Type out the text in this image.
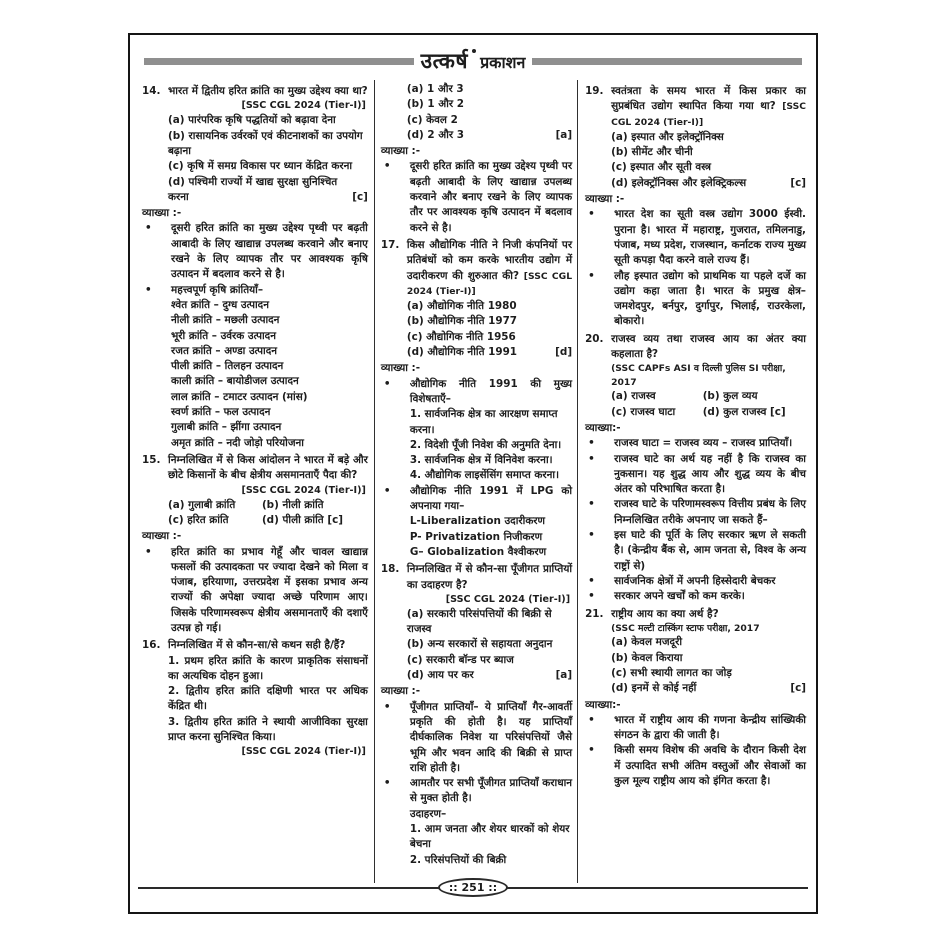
उत्कर्ष प्रकाशन
14. भारत में द्वितीय हरित क्रांति का मुख्य उद्देश्य क्या था?
[SSC CGL 2024 (Tier-I)]
(a) पारंपरिक कृषि पद्धतियों को बढ़ावा देना
(b) रासायनिक उर्वरकों एवं कीटनाशकों का उपयोग बढ़ाना
(c) कृषि में समग्र विकास पर ध्यान केंद्रित करना
(d) पश्चिमी राज्यों में खाद्य सुरक्षा सुनिश्चित करना	[c]
व्याख्या :-
•	दूसरी हरित क्रांति का मुख्य उद्देश्य पृथ्वी पर बढ़ती आबादी के लिए खाद्यान्न उपलब्ध करवाने और बनाए रखने के लिए व्यापक तौर पर आवश्यक कृषि उत्पादन में बदलाव करने से है।
•	महत्त्वपूर्ण कृषि क्रांतियाँ–
श्वेत क्रांति – दुग्ध उत्पादन
नीली क्रांति – मछली उत्पादन
भूरी क्रांति – उर्वरक उत्पादन
रजत क्रांति – अण्डा उत्पादन
पीली क्रांति – तिलहन उत्पादन
काली क्रांति – बायोडीजल उत्पादन
लाल क्रांति – टमाटर उत्पादन (मांस)
स्वर्ण क्रांति – फल उत्पादन
गुलाबी क्रांति – झींगा उत्पादन
अमृत क्रांति – नदी जोड़ो परियोजना
15. निम्नलिखित में से किस आंदोलन ने भारत में बड़े और छोटे किसानों के बीच क्षेत्रीय असमानताएँ पैदा की?
[SSC CGL 2024 (Tier-I)]
(a) गुलाबी क्रांति	(b) नीली क्रांति
(c) हरित क्रांति	(d) पीली क्रांति [c]
व्याख्या :-
•	हरित क्रांति का प्रभाव गेहूँ और चावल खाद्यान्न फसलों की उत्पादकता पर ज्यादा देखने को मिला व पंजाब, हरियाणा, उत्तरप्रदेश में इसका प्रभाव अन्य राज्यों की अपेक्षा ज्यादा अच्छे परिणाम आए। जिसके परिणामस्वरूप क्षेत्रीय असमानताएँ की दशाएँ उत्पन्न हो गई।
16. निम्नलिखित में से कौन-सा/से कथन सही है/हैं?
1. प्रथम हरित क्रांति के कारण प्राकृतिक संसाधनों का अत्यधिक दोहन हुआ।
2. द्वितीय हरित क्रांति दक्षिणी भारत पर अधिक केंद्रित थी।
3. द्वितीय हरित क्रांति ने स्थायी आजीविका सुरक्षा प्राप्त करना सुनिश्चित किया।
[SSC CGL 2024 (Tier-I)]
(a) 1 और 3
(b) 1 और 2
(c) केवल 2
(d) 2 और 3	[a]
व्याख्या :-
•	दूसरी हरित क्रांति का मुख्य उद्देश्य पृथ्वी पर बढ़ती आबादी के लिए खाद्यान्न उपलब्ध करवाने और बनाए रखने के लिए व्यापक तौर पर आवश्यक कृषि उत्पादन में बदलाव करने से है।
17. किस औद्योगिक नीति ने निजी कंपनियों पर प्रतिबंधों को कम करके भारतीय उद्योग में उदारीकरण की शुरुआत की? [SSC CGL 2024 (Tier-I)]
(a) औद्योगिक नीति 1980
(b) औद्योगिक नीति 1977
(c) औद्योगिक नीति 1956
(d) औद्योगिक नीति 1991	[d]
व्याख्या :-
•	औद्योगिक नीति 1991 की मुख्य विशेषताएँ–
1. सार्वजनिक क्षेत्र का आरक्षण समाप्त करना।
2. विदेशी पूँजी निवेश की अनुमति देना।
3. सार्वजनिक क्षेत्र में विनिवेश करना।
4. औद्योगिक लाइसेंसिंग समाप्त करना।
•	औद्योगिक नीति 1991 में LPG को अपनाया गया–
L-Liberalization उदारीकरण
P- Privatization निजीकरण
G– Globalization वैश्वीकरण
18. निम्नलिखित में से कौन-सा पूँजीगत प्राप्तियों का उदाहरण है?
[SSC CGL 2024 (Tier-I)]
(a) सरकारी परिसंपत्तियों की बिक्री से राजस्व
(b) अन्य सरकारों से सहायता अनुदान
(c) सरकारी बॉन्ड पर ब्याज
(d) आय पर कर	[a]
व्याख्या :-
•	पूँजीगत प्राप्तियाँ– ये प्राप्तियाँ गैर-आवर्ती प्रकृति की होती है। यह प्राप्तियाँ दीर्घकालिक निवेश या परिसंपत्तियों जैसे भूमि और भवन आदि की बिक्री से प्राप्त राशि होती है।
•	आमतौर पर सभी पूँजीगत प्राप्तियाँ कराधान से मुक्त होती है।
उदाहरण–
1. आम जनता और शेयर धारकों को शेयर बेचना
2. परिसंपत्तियों की बिक्री
19. स्वतंत्रता के समय भारत में किस प्रकार का सुप्रबंधित उद्योग स्थापित किया गया था? [SSC CGL 2024 (Tier-I)]
(a) इस्पात और इलेक्ट्रॉनिक्स
(b) सीमेंट और चीनी
(c) इस्पात और सूती वस्त्र
(d) इलेक्ट्रॉनिक्स और इलेक्ट्रिकल्स	[c]
व्याख्या :-
•	भारत देश का सूती वस्त्र उद्योग 3000 ईस्वी. पुराना है। भारत में महाराष्ट्र, गुजरात, तमिलनाडु, पंजाब, मध्य प्रदेश, राजस्थान, कर्नाटक राज्य मुख्य सूती कपड़ा पैदा करने वाले राज्य हैं।
•	लौह इस्पात उद्योग को प्राथमिक या पहले दर्जे का उद्योग कहा जाता है। भारत के प्रमुख क्षेत्र– जमशेदपुर, बर्नपुर, दुर्गापुर, भिलाई, राउरकेला, बोकारो।
20. राजस्व व्यय तथा राजस्व आय का अंतर क्या कहलाता है?
(SSC CAPFs ASI व दिल्ली पुलिस SI परीक्षा, 2017
(a) राजस्व	(b) कुल व्यय
(c) राजस्व घाटा	(d) कुल राजस्व [c]
व्याख्या:-
•	राजस्व घाटा = राजस्व व्यय – राजस्व प्राप्तियाँ।
•	राजस्व घाटे का अर्थ यह नहीं है कि राजस्व का नुकसान। यह शुद्ध आय और शुद्ध व्यय के बीच अंतर को परिभाषित करता है।
•	राजस्व घाटे के परिणामस्वरूप वित्तीय प्रबंध के लिए निम्नलिखित तरीके अपनाए जा सकते हैं–
•	इस घाटे की पूर्ति के लिए सरकार ऋण ले सकती है। (केन्द्रीय बैंक से, आम जनता से, विश्व के अन्य राष्ट्रों से)
•	सार्वजनिक क्षेत्रों में अपनी हिस्सेदारी बेचकर
•	सरकार अपने खर्चों को कम करके।
21. राष्ट्रीय आय का क्या अर्थ है?
(SSC मल्टी टास्किंग स्टाफ परीक्षा, 2017
(a) केवल मजदूरी
(b) केवल किराया
(c) सभी स्थायी लागत का जोड़
(d) इनमें से कोई नहीं	[c]
व्याख्या:-
•	भारत में राष्ट्रीय आय की गणना केन्द्रीय सांख्यिकी संगठन के द्वारा की जाती है।
•	किसी समय विशेष की अवधि के दौरान किसी देश में उत्पादित सभी अंतिम वस्तुओं और सेवाओं का कुल मूल्य राष्ट्रीय आय को इंगित करता है।
:: 251 ::
